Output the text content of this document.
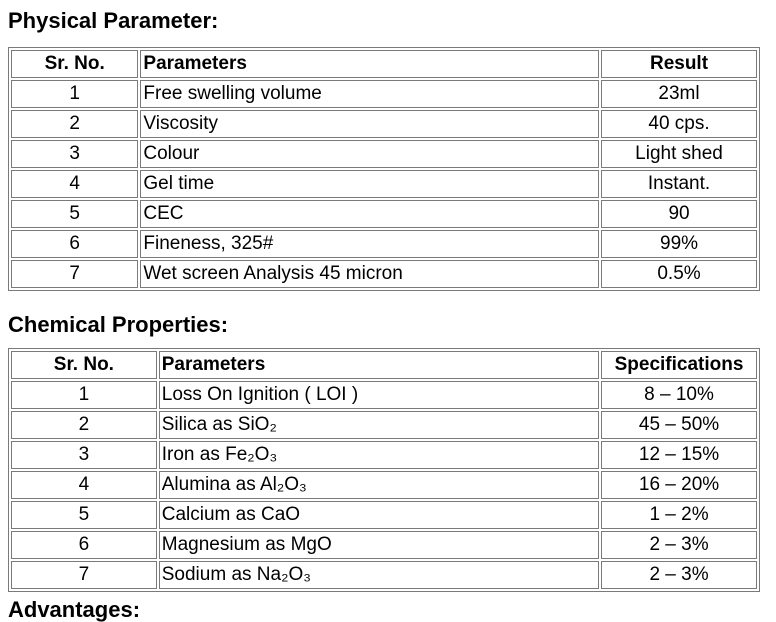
Physical Parameter:
Sr. No.	Parameters	Result
1	Free swelling volume	23ml
2	Viscosity	40 cps.
3	Colour	Light shed
4	Gel time	Instant.
5	CEC	90
6	Fineness, 325#	99%
7	Wet screen Analysis 45 micron	0.5%
Chemical Properties:
Sr. No.	Parameters	Specifications
1	Loss On Ignition ( LOI )	8 – 10%
2	Silica as SiO₂	45 – 50%
3	Iron as Fe₂O₃	12 – 15%
4	Alumina as Al₂O₃	16 – 20%
5	Calcium as CaO	1 – 2%
6	Magnesium as MgO	2 – 3%
7	Sodium as Na₂O₃	2 – 3%
Advantages:
